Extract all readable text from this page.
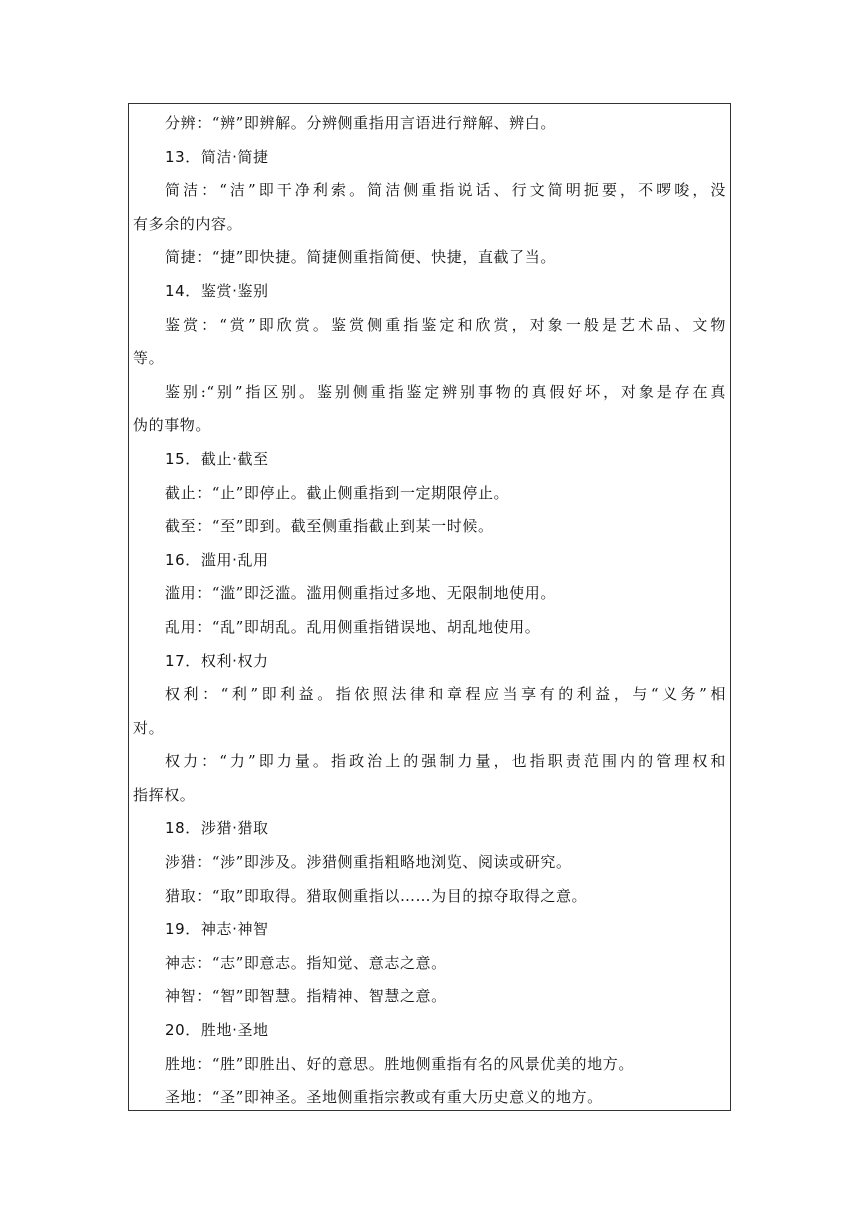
分辨：“辨”即辨解。分辨侧重指用言语进行辩解、辨白。
13．简洁·简捷
简洁：“洁”即干净利索。简洁侧重指说话、行文简明扼要，不啰唆，没
有多余的内容。
简捷：“捷”即快捷。简捷侧重指简便、快捷，直截了当。
14．鉴赏·鉴别
鉴赏：“赏”即欣赏。鉴赏侧重指鉴定和欣赏，对象一般是艺术品、文物
等。
鉴别:“别”指区别。鉴别侧重指鉴定辨别事物的真假好坏，对象是存在真
伪的事物。
15．截止·截至
截止：“止”即停止。截止侧重指到一定期限停止。
截至：“至”即到。截至侧重指截止到某一时候。
16．滥用·乱用
滥用：“滥”即泛滥。滥用侧重指过多地、无限制地使用。
乱用：“乱”即胡乱。乱用侧重指错误地、胡乱地使用。
17．权利·权力
权利：“利”即利益。指依照法律和章程应当享有的利益，与“义务”相
对。
权力：“力”即力量。指政治上的强制力量，也指职责范围内的管理权和
指挥权。
18．涉猎·猎取
涉猎：“涉”即涉及。涉猎侧重指粗略地浏览、阅读或研究。
猎取：“取”即取得。猎取侧重指以……为目的掠夺取得之意。
19．神志·神智
神志：“志”即意志。指知觉、意志之意。
神智：“智”即智慧。指精神、智慧之意。
20．胜地·圣地
胜地：“胜”即胜出、好的意思。胜地侧重指有名的风景优美的地方。
圣地：“圣”即神圣。圣地侧重指宗教或有重大历史意义的地方。
